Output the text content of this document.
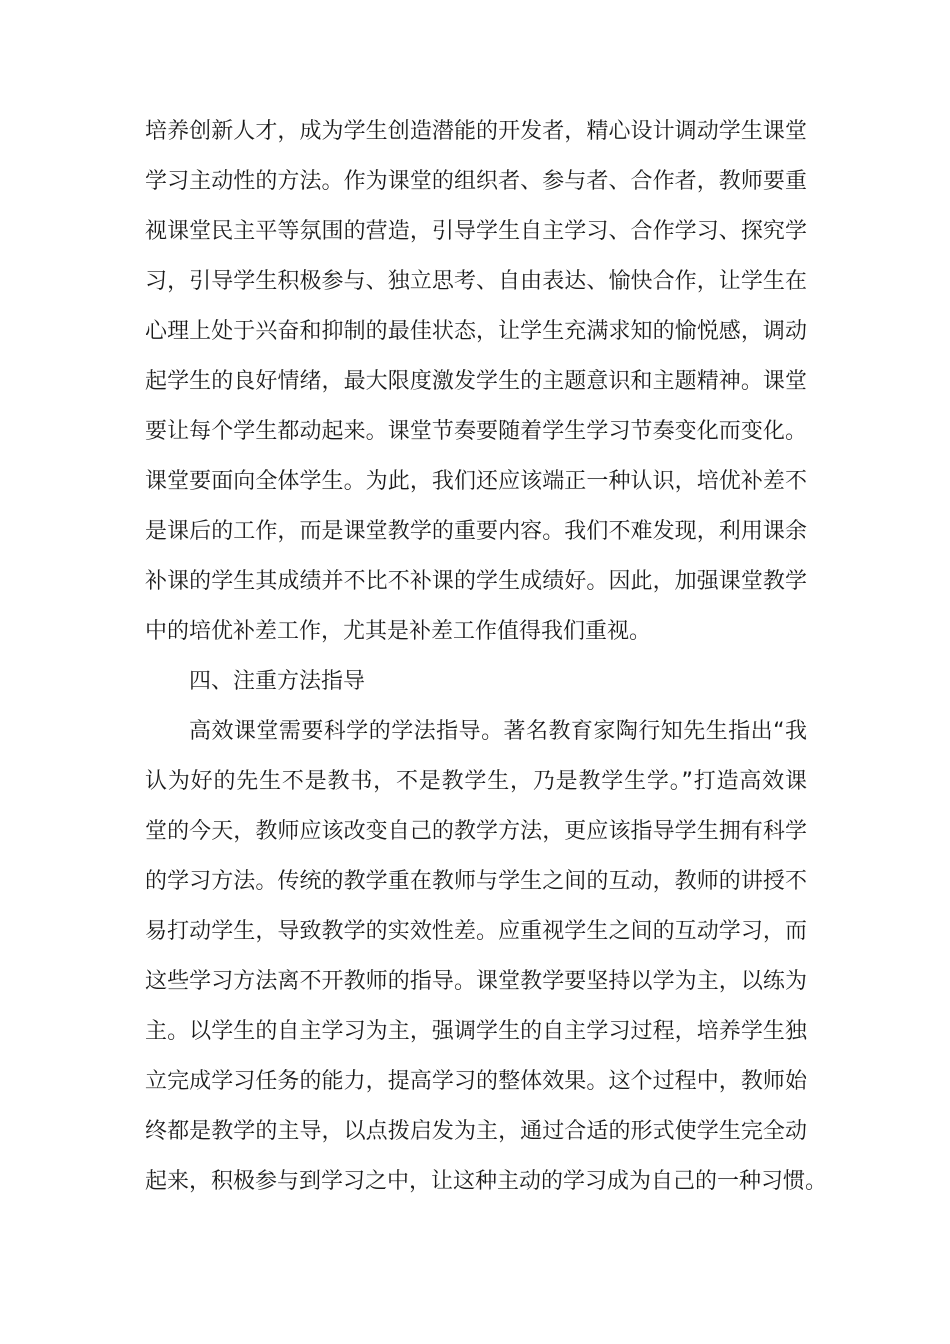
培养创新人才，成为学生创造潜能的开发者，精心设计调动学生课堂
学习主动性的方法。作为课堂的组织者、参与者、合作者，教师要重
视课堂民主平等氛围的营造，引导学生自主学习、合作学习、探究学
习，引导学生积极参与、独立思考、自由表达、愉快合作，让学生在
心理上处于兴奋和抑制的最佳状态，让学生充满求知的愉悦感，调动
起学生的良好情绪，最大限度激发学生的主题意识和主题精神。课堂
要让每个学生都动起来。课堂节奏要随着学生学习节奏变化而变化。
课堂要面向全体学生。为此，我们还应该端正一种认识，培优补差不
是课后的工作，而是课堂教学的重要内容。我们不难发现，利用课余
补课的学生其成绩并不比不补课的学生成绩好。因此，加强课堂教学
中的培优补差工作，尤其是补差工作值得我们重视。
四、注重方法指导
高效课堂需要科学的学法指导。著名教育家陶行知先生指出“我
认为好的先生不是教书，不是教学生，乃是教学生学。”打造高效课
堂的今天，教师应该改变自己的教学方法，更应该指导学生拥有科学
的学习方法。传统的教学重在教师与学生之间的互动，教师的讲授不
易打动学生，导致教学的实效性差。应重视学生之间的互动学习，而
这些学习方法离不开教师的指导。课堂教学要坚持以学为主，以练为
主。以学生的自主学习为主，强调学生的自主学习过程，培养学生独
立完成学习任务的能力，提高学习的整体效果。这个过程中，教师始
终都是教学的主导，以点拨启发为主，通过合适的形式使学生完全动
起来，积极参与到学习之中，让这种主动的学习成为自己的一种习惯。
